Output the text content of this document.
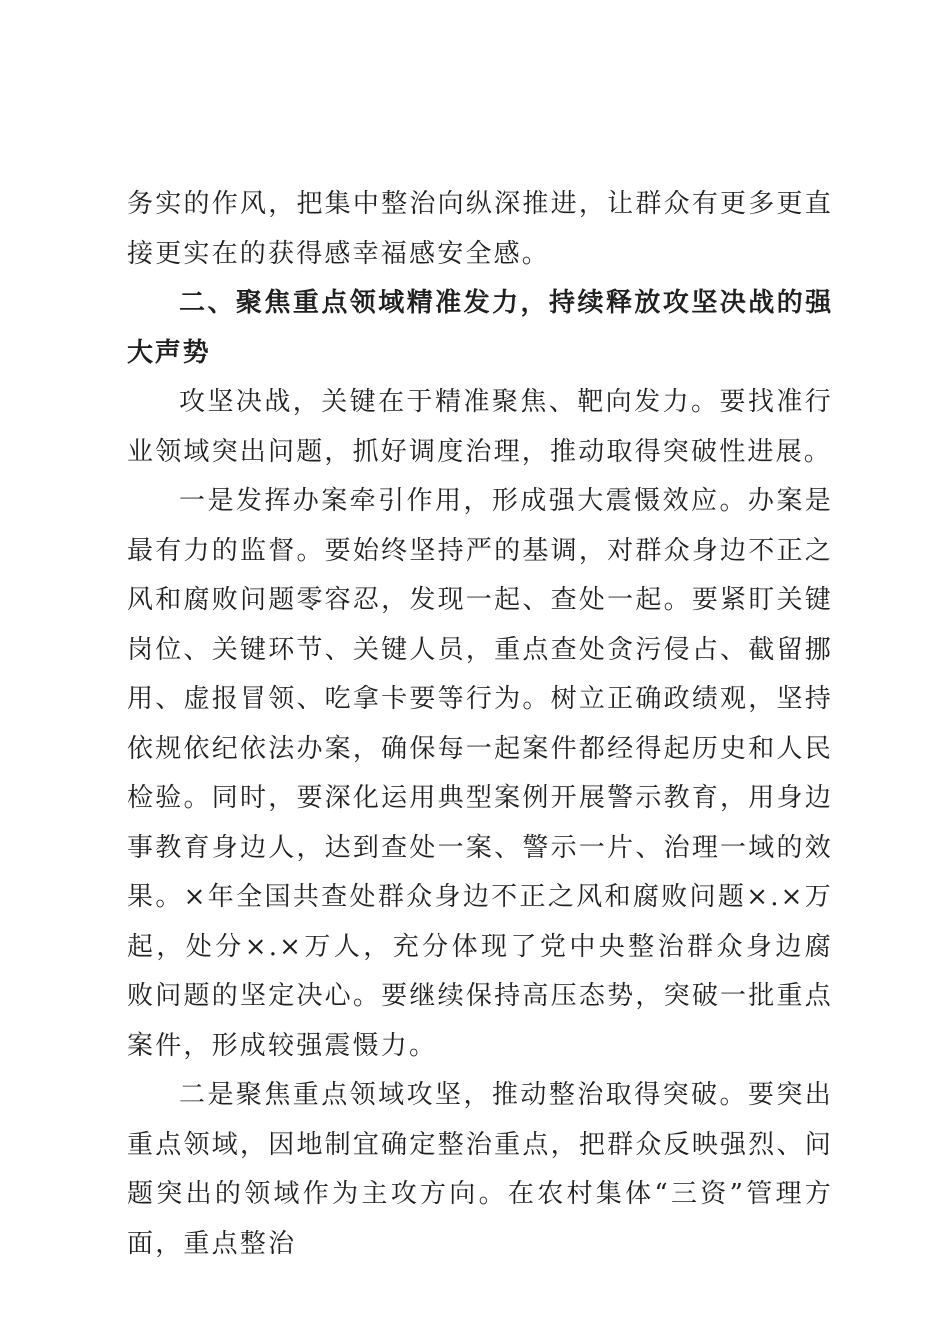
务实的作风，把集中整治向纵深推进，让群众有更多更直接更实在的获得感幸福感安全感。

二、聚焦重点领域精准发力，持续释放攻坚决战的强大声势

攻坚决战，关键在于精准聚焦、靶向发力。要找准行业领域突出问题，抓好调度治理，推动取得突破性进展。

一是发挥办案牵引作用，形成强大震慑效应。办案是最有力的监督。要始终坚持严的基调，对群众身边不正之风和腐败问题零容忍，发现一起、查处一起。要紧盯关键岗位、关键环节、关键人员，重点查处贪污侵占、截留挪用、虚报冒领、吃拿卡要等行为。树立正确政绩观，坚持依规依纪依法办案，确保每一起案件都经得起历史和人民检验。同时，要深化运用典型案例开展警示教育，用身边事教育身边人，达到查处一案、警示一片、治理一域的效果。×年全国共查处群众身边不正之风和腐败问题×.×万起，处分×.×万人，充分体现了党中央整治群众身边腐败问题的坚定决心。要继续保持高压态势，突破一批重点案件，形成较强震慑力。

二是聚焦重点领域攻坚，推动整治取得突破。要突出重点领域，因地制宜确定整治重点，把群众反映强烈、问题突出的领域作为主攻方向。在农村集体“三资”管理方面，重点整治
